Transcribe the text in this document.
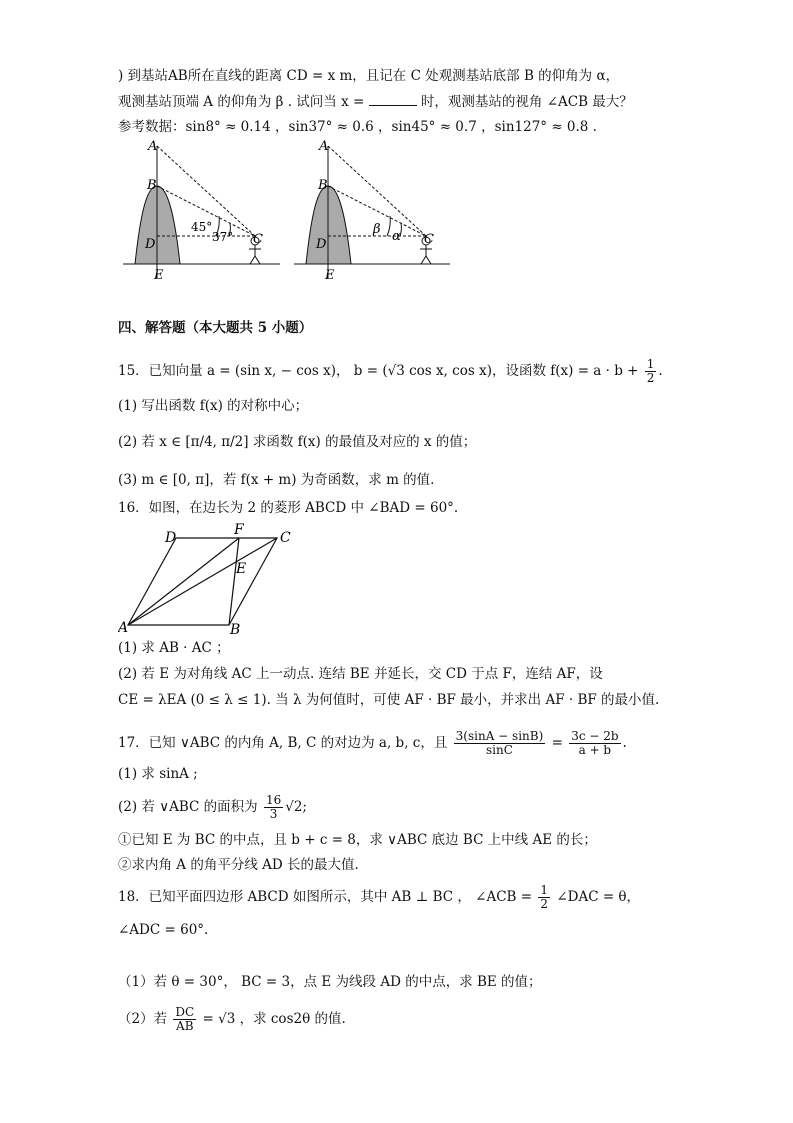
) 到基站AB所在直线的距离 CD = x m，且记在 C 处观测基站底部 B 的仰角为 α，
观测基站顶端 A 的仰角为 β . 试问当 x =	时，观测基站的视角 ∠ACB 最大？
参考数据：sin8° ≈ 0.14 ，sin37° ≈ 0.6 ，sin45° ≈ 0.7 ，sin127° ≈ 0.8 .
A
B
D
E
C
45°
37°
A
B
D
E
C
β α
四、解答题（本大题共 5 小题）
15．已知向量 a = (sin x, − cos x)， b = (√3 cos x, cos x)，设函数 $f(x) = a \cdot b + \frac{1}{2}$ .
(1) 写出函数 f(x) 的对称中心；
(2) 若 x ∈ [π/4, π/2] 求函数 f(x) 的最值及对应的 x 的值；
(3) m ∈ [0, π]，若 f(x + m) 为奇函数，求 m 的值.
16．如图，在边长为 2 的菱形 ABCD 中 ∠BAD = 60°.
A	B
C
D
E
F
(1) 求 AB · AC ；
(2) 若 E 为对角线 AC 上一动点. 连结 BE 并延长，交 CD 于点 F，连结 AF，设
CE = λEA (0 ≤ λ ≤ 1). 当 λ 为何值时，可使 AF · BF 最小，并求出 AF · BF 的最小值.
17．已知 ∨ABC 的内角 A, B, C 的对边为 a, b, c，且 $\frac{3(\sin A - \sin B)}{\sin C} = \frac{3c - 2b}{a + b}$ .
(1) 求 sinA ;
(2) 若 ∨ABC 的面积为 $\frac{16}{3} √2$;
①已知 E 为 BC 的中点，且 b + c = 8，求 ∨ABC 底边 BC 上中线 AE 的长；
②求内角 A 的角平分线 AD 长的最大值.
18．已知平面四边形 ABCD 如图所示，其中 AB ⊥ BC ， ∠ACB = $\frac{1}{2}$ ∠DAC = θ，
∠ADC = 60°.
（1）若 θ = 30°， BC = 3，点 E 为线段 AD 的中点，求 BE 的值；
（2）若 $\frac{DC}{AB} = √3$ ，求 cos2θ 的值.
